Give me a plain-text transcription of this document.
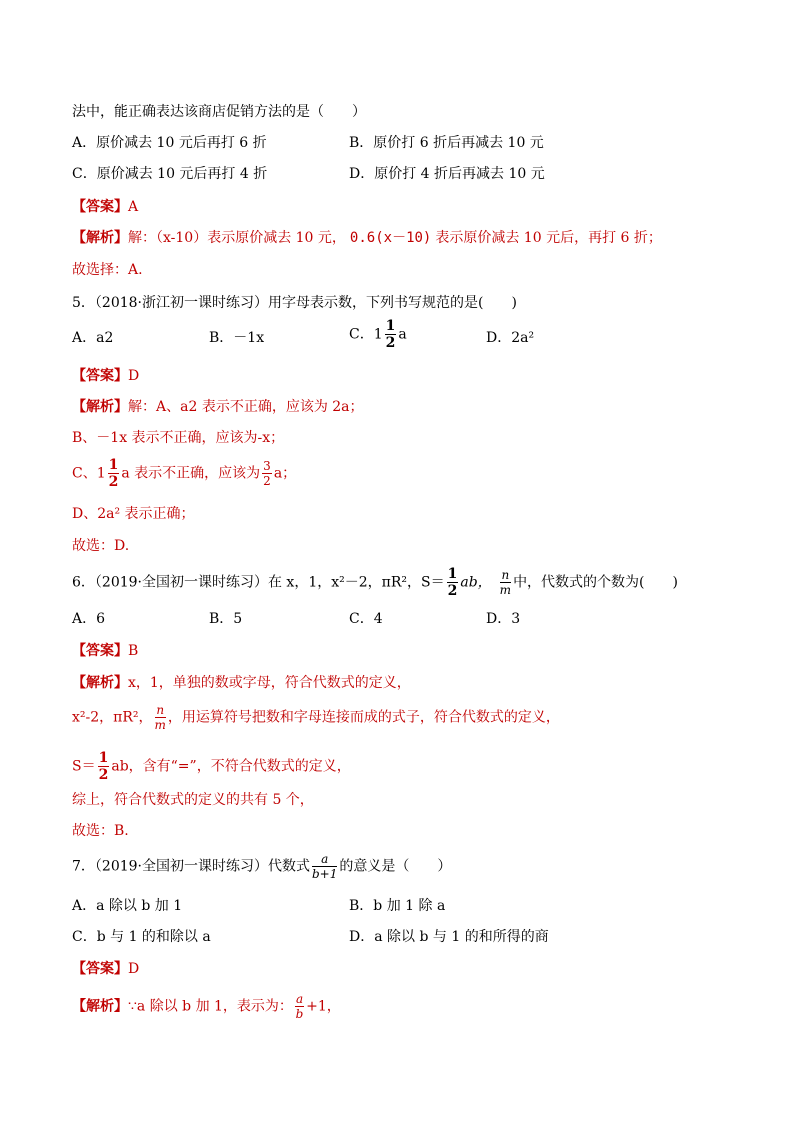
法中，能正确表达该商店促销方法的是（　　）
A．原价减去 10 元后再打 6 折	B．原价打 6 折后再减去 10 元
C．原价减去 10 元后再打 4 折	D．原价打 4 折后再减去 10 元
【答案】A
【解析】解：（x-10）表示原价减去 10 元， 0.6(x－10) 表示原价减去 10 元后，再打 6 折；
故选择：A.
5．（2018·浙江初一课时练习）用字母表示数，下列书写规范的是(　　)
A．a2	B．－1x	C．$1 \frac{1}{2}$ a	D．2a²
【答案】D
【解析】解：A、a2 表示不正确，应该为 2a；
B、－1x 表示不正确，应该为-x；
C、$1 \frac{1}{2}$ a 表示不正确，应该为 $\frac{3}{2}$ a；
D、2a² 表示正确；
故选：D.
6．（2019·全国初一课时练习）在 x，1，x²－2，πR²，$S= \frac{1}{2}$ ab， $\frac{n}{m}$ 中，代数式的个数为(　　)
A．6	B．5	C．4	D．3
【答案】B
【解析】x，1，单独的数或字母，符合代数式的定义，
x²-2，πR²， $\frac{n}{m}$ ，用运算符号把数和字母连接而成的式子，符合代数式的定义，
$S= \frac{1}{2}$ ab，含有“=”，不符合代数式的定义，
综上，符合代数式的定义的共有 5 个，
故选：B.
7．（2019·全国初一课时练习）代数式 $\frac{a}{b+1}$ 的意义是（　　）
A．a 除以 b 加 1	B．b 加 1 除 a
C．b 与 1 的和除以 a	D．a 除以 b 与 1 的和所得的商
【答案】D
【解析】∵a 除以 b 加 1，表示为： $\frac{a}{b} +1$，
